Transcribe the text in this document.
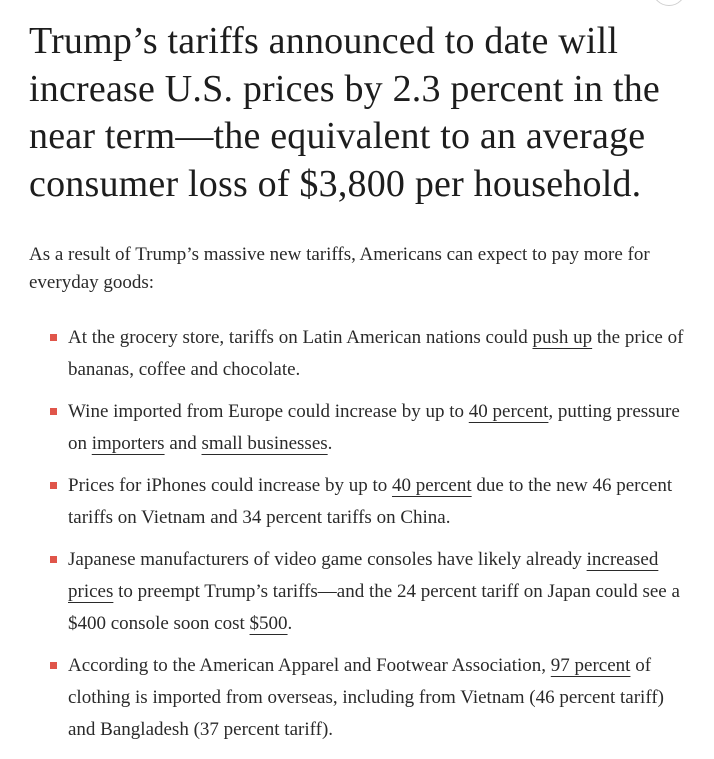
Trump’s tariffs announced to date will increase U.S. prices by 2.3 percent in the near term—the equivalent to an average consumer loss of $3,800 per household.

As a result of Trump’s massive new tariffs, Americans can expect to pay more for everyday goods:

At the grocery store, tariffs on Latin American nations could push up the price of bananas, coffee and chocolate.
Wine imported from Europe could increase by up to 40 percent, putting pressure on importers and small businesses.
Prices for iPhones could increase by up to 40 percent due to the new 46 percent tariffs on Vietnam and 34 percent tariffs on China.
Japanese manufacturers of video game consoles have likely already increased prices to preempt Trump’s tariffs—and the 24 percent tariff on Japan could see a $400 console soon cost $500.
According to the American Apparel and Footwear Association, 97 percent of clothing is imported from overseas, including from Vietnam (46 percent tariff) and Bangladesh (37 percent tariff).
